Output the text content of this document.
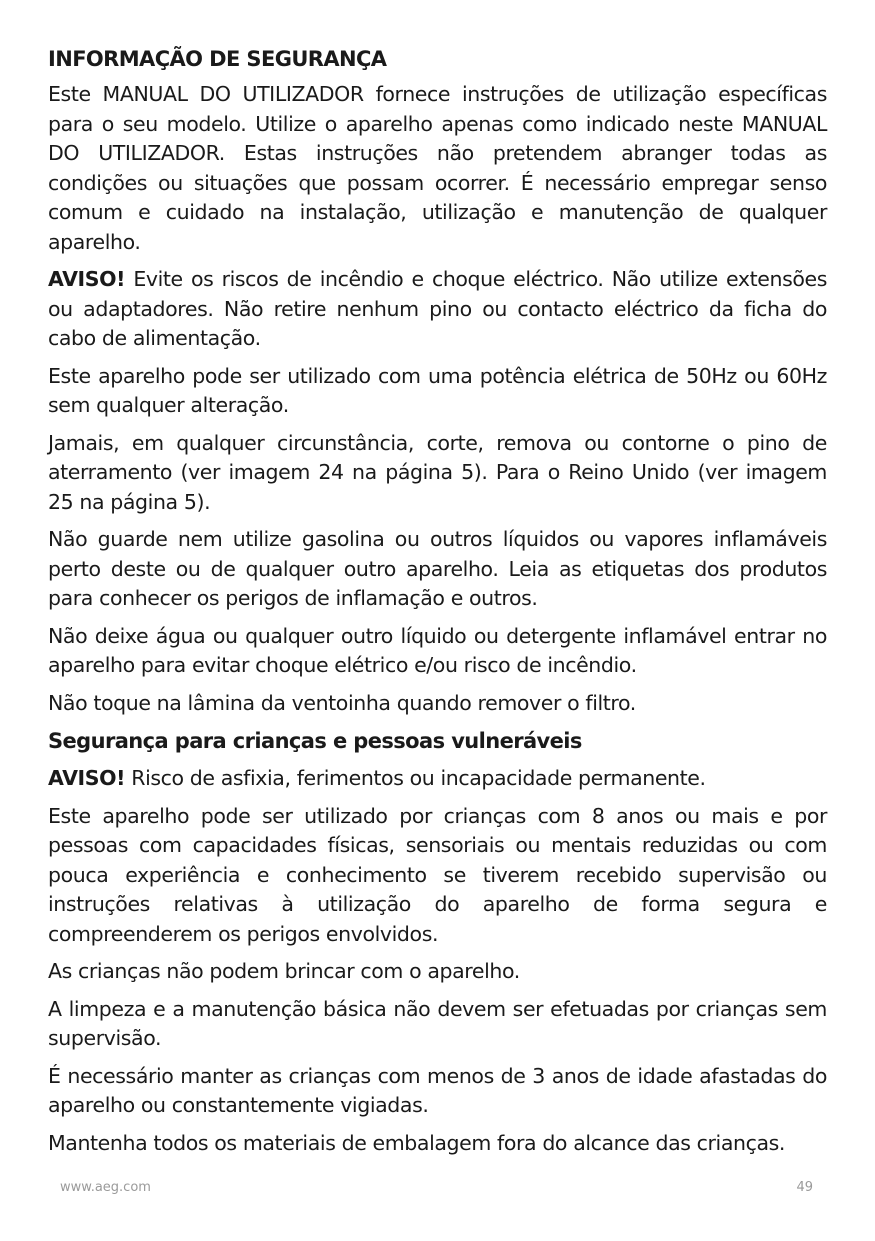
INFORMAÇÃO DE SEGURANÇA

Este MANUAL DO UTILIZADOR fornece instruções de utilização específicas para o seu modelo. Utilize o aparelho apenas como indicado neste MANUAL DO UTILIZADOR. Estas instruções não pretendem abranger todas as condições ou situações que possam ocorrer. É necessário empregar senso comum e cuidado na instalação, utilização e manutenção de qualquer aparelho.

AVISO! Evite os riscos de incêndio e choque eléctrico. Não utilize extensões ou adaptadores. Não retire nenhum pino ou contacto eléctrico da ficha do cabo de alimentação.

Este aparelho pode ser utilizado com uma potência elétrica de 50Hz ou 60Hz sem qualquer alteração.

Jamais, em qualquer circunstância, corte, remova ou contorne o pino de aterramento (ver imagem 24 na página 5). Para o Reino Unido (ver imagem 25 na página 5).

Não guarde nem utilize gasolina ou outros líquidos ou vapores inflamáveis perto deste ou de qualquer outro aparelho. Leia as etiquetas dos produtos para conhecer os perigos de inflamação e outros.

Não deixe água ou qualquer outro líquido ou detergente inflamável entrar no aparelho para evitar choque elétrico e/ou risco de incêndio.

Não toque na lâmina da ventoinha quando remover o filtro.

Segurança para crianças e pessoas vulneráveis

AVISO! Risco de asfixia, ferimentos ou incapacidade permanente.

Este aparelho pode ser utilizado por crianças com 8 anos ou mais e por pessoas com capacidades físicas, sensoriais ou mentais reduzidas ou com pouca experiência e conhecimento se tiverem recebido supervisão ou instruções relativas à utilização do aparelho de forma segura e compreenderem os perigos envolvidos.

As crianças não podem brincar com o aparelho.

A limpeza e a manutenção básica não devem ser efetuadas por crianças sem supervisão.

É necessário manter as crianças com menos de 3 anos de idade afastadas do aparelho ou constantemente vigiadas.

Mantenha todos os materiais de embalagem fora do alcance das crianças.

www.aeg.com	49
